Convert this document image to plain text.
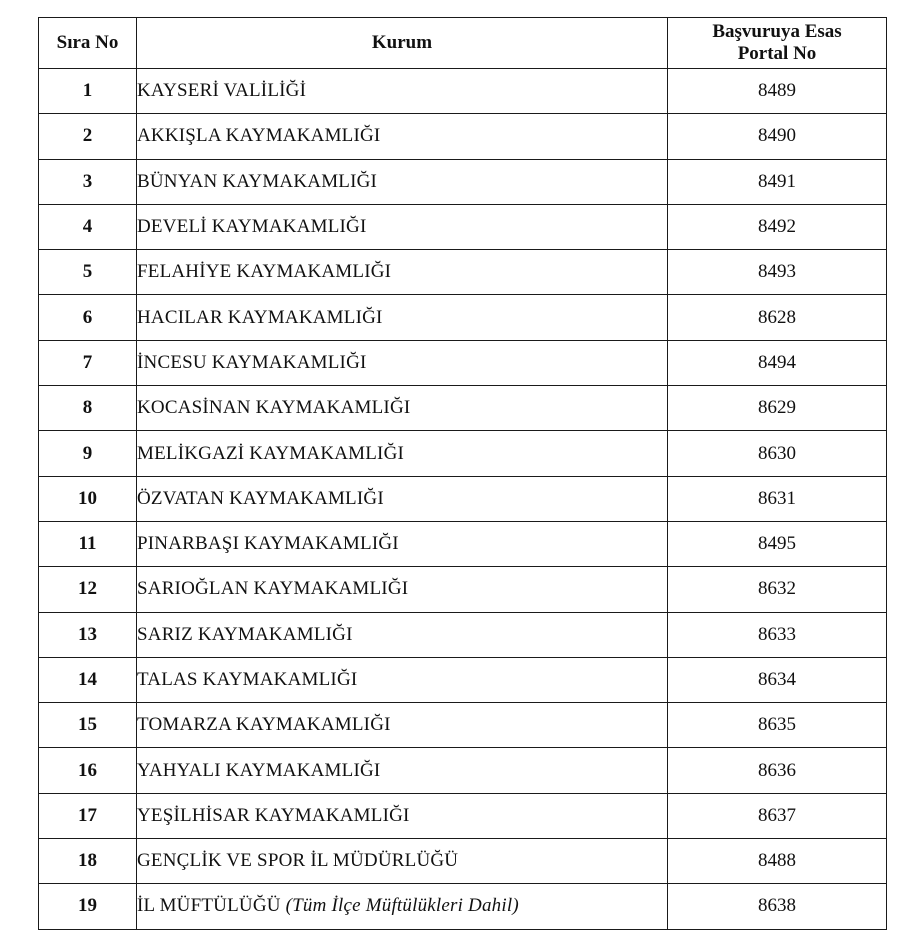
Sıra No	Kurum	Başvuruya Esas
Portal No

1	KAYSERİ VALİLİĞİ	8489
2	AKKIŞLA KAYMAKAMLIĞI	8490
3	BÜNYAN KAYMAKAMLIĞI	8491
4	DEVELİ KAYMAKAMLIĞI	8492
5	FELAHİYE KAYMAKAMLIĞI	8493
6	HACILAR KAYMAKAMLIĞI	8628
7	İNCESU KAYMAKAMLIĞI	8494
8	KOCASİNAN KAYMAKAMLIĞI	8629
9	MELİKGAZİ KAYMAKAMLIĞI	8630
10	ÖZVATAN KAYMAKAMLIĞI	8631
11	PINARBAŞI KAYMAKAMLIĞI	8495
12	SARIOĞLAN KAYMAKAMLIĞI	8632
13	SARIZ KAYMAKAMLIĞI	8633
14	TALAS KAYMAKAMLIĞI	8634
15	TOMARZA KAYMAKAMLIĞI	8635
16	YAHYALI KAYMAKAMLIĞI	8636
17	YEŞİLHİSAR KAYMAKAMLIĞI	8637
18	GENÇLİK VE SPOR İL MÜDÜRLÜĞÜ	8488
19	İL MÜFTÜLÜĞÜ (Tüm İlçe Müftülükleri Dahil)	8638
